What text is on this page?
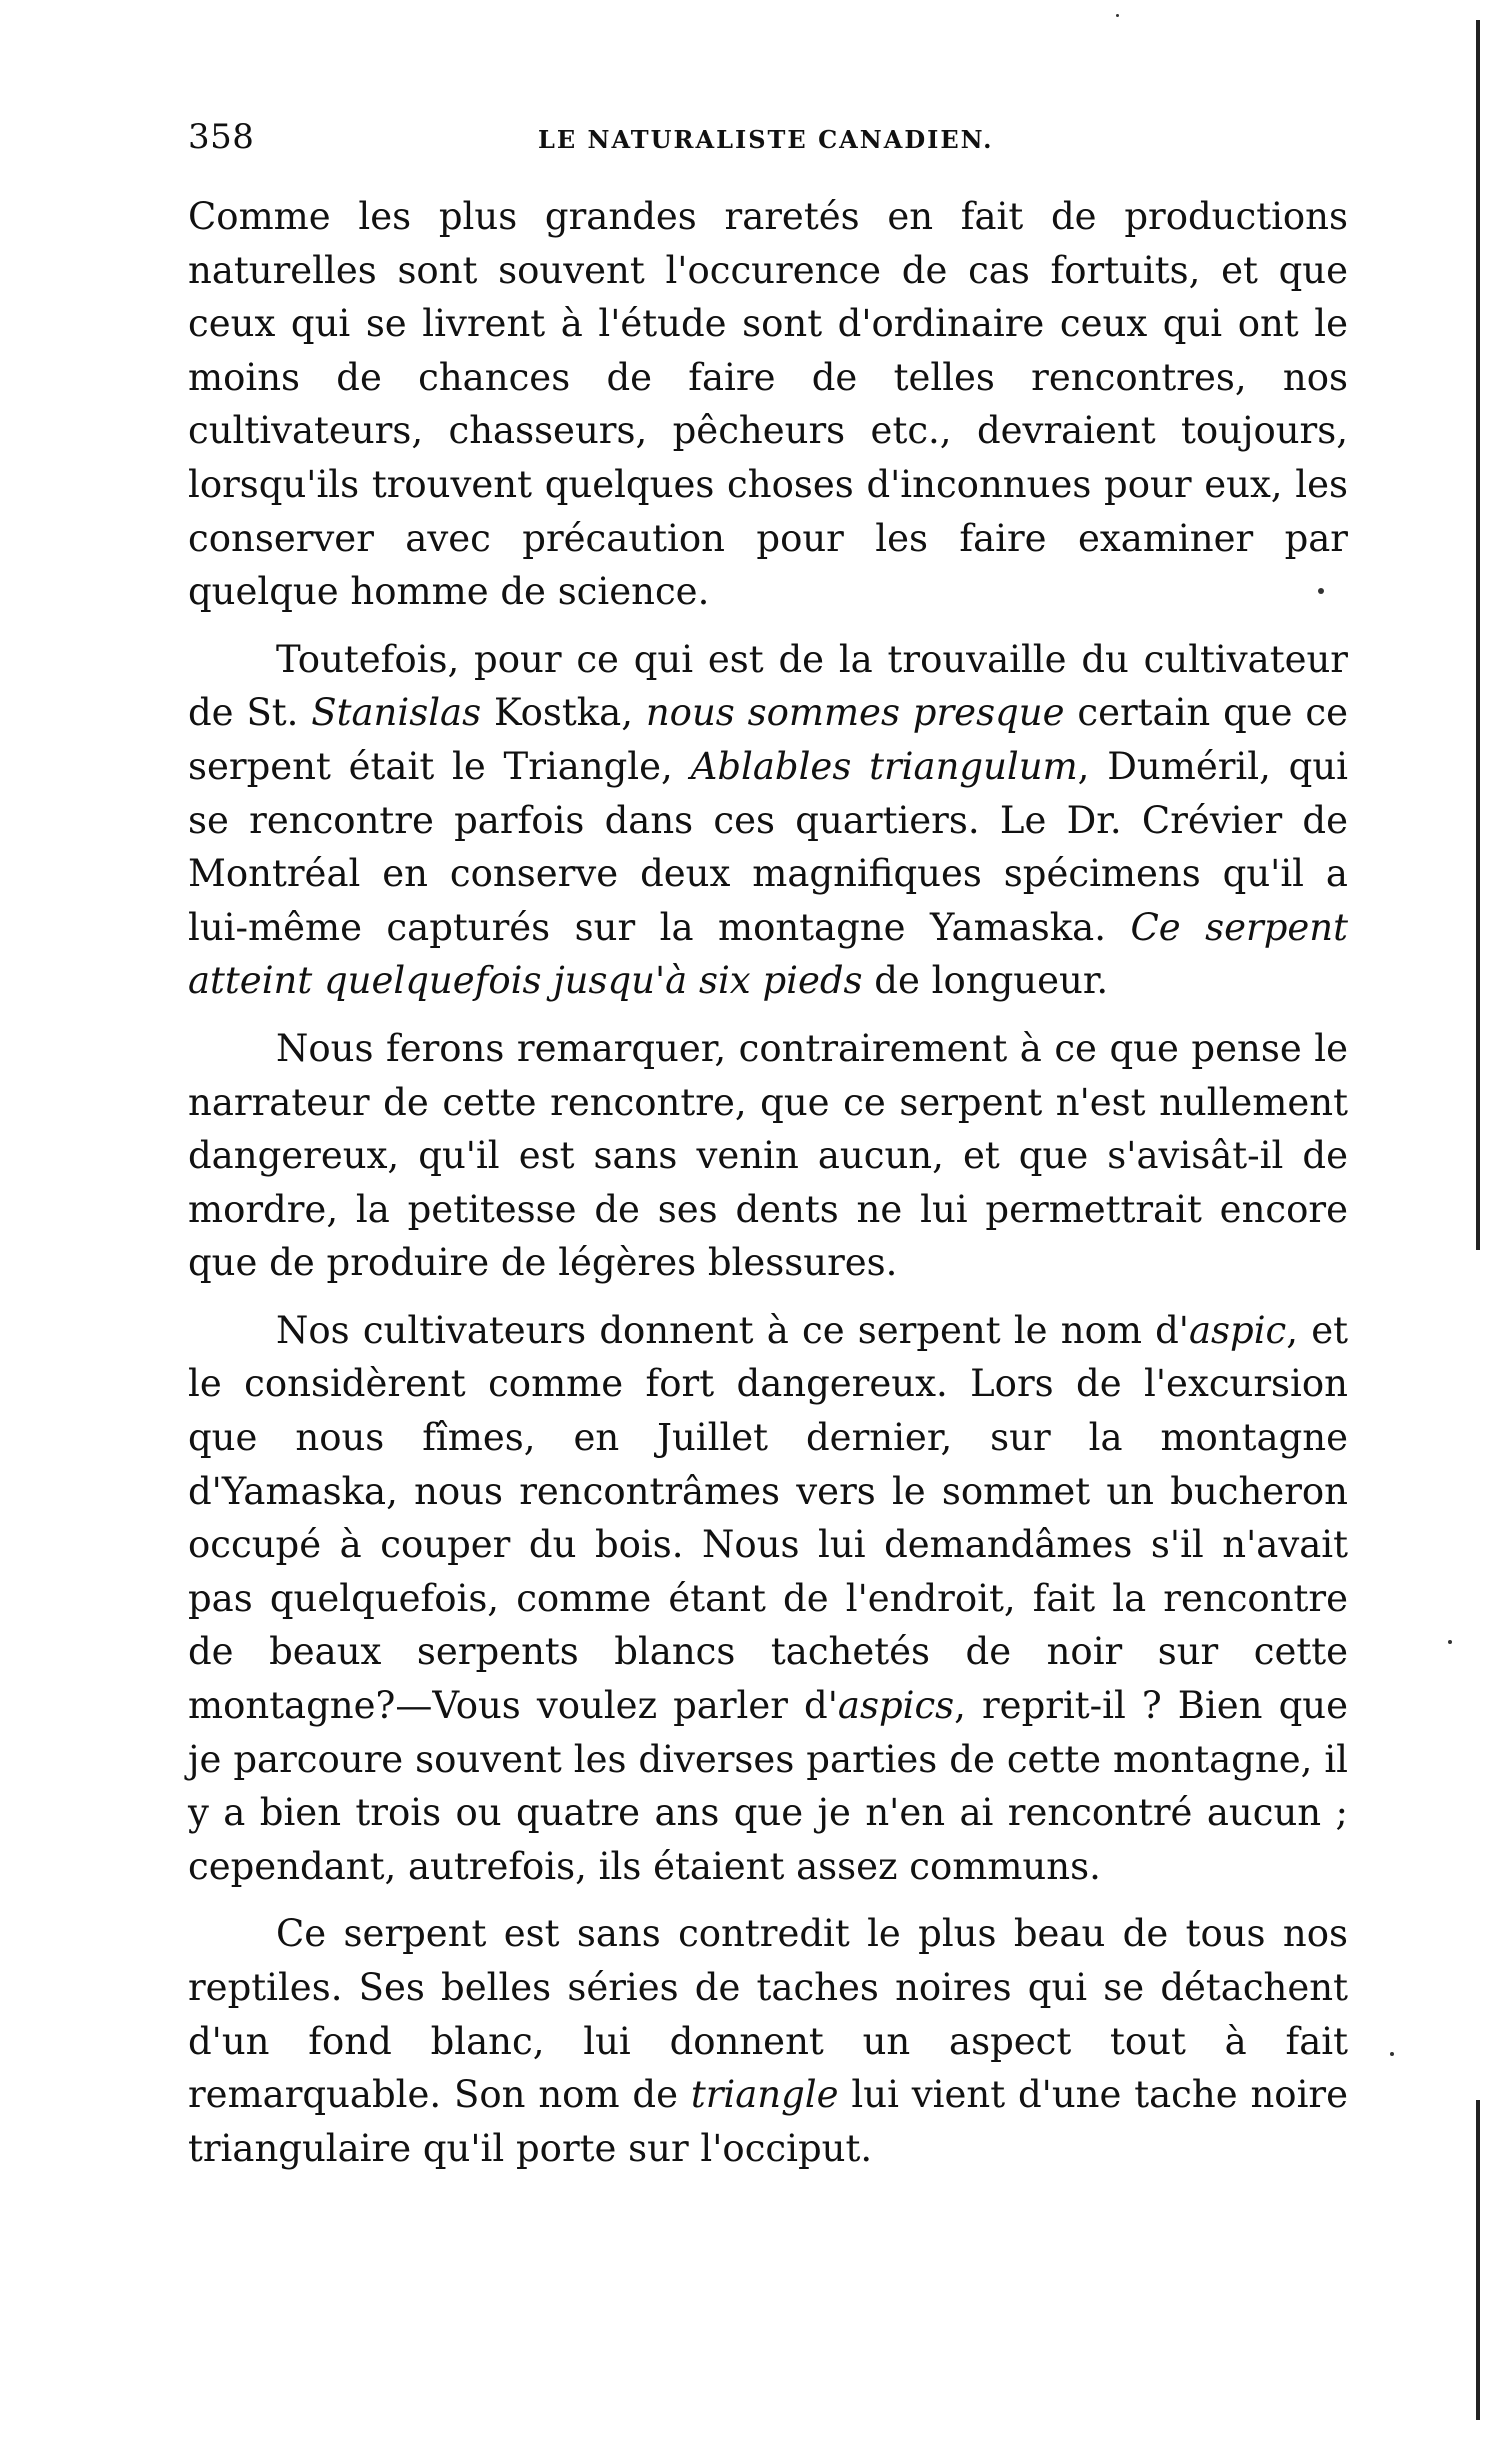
358	LE NATURALISTE CANADIEN.

Comme les plus grandes raretés en fait de productions naturelles sont souvent l'occurence de cas fortuits, et que ceux qui se livrent à l'étude sont d'ordinaire ceux qui ont le moins de chances de faire de telles rencontres, nos cultivateurs, chasseurs, pêcheurs etc., devraient toujours, lorsqu'ils trouvent quelques choses d'inconnues pour eux, les conserver avec précaution pour les faire examiner par quelque homme de science.

Toutefois, pour ce qui est de la trouvaille du cultivateur de St. Stanislas Kostka, nous sommes presque certain que ce serpent était le Triangle, Ablables triangulum, Duméril, qui se rencontre parfois dans ces quartiers. Le Dr. Crévier de Montréal en conserve deux magnifiques spécimens qu'il a lui-même capturés sur la montagne Yamaska. Ce serpent atteint quelquefois jusqu'à six pieds de longueur.

Nous ferons remarquer, contrairement à ce que pense le narrateur de cette rencontre, que ce serpent n'est nullement dangereux, qu'il est sans venin aucun, et que s'avisât-il de mordre, la petitesse de ses dents ne lui permettrait encore que de produire de légères blessures.

Nos cultivateurs donnent à ce serpent le nom d'aspic, et le considèrent comme fort dangereux. Lors de l'excursion que nous fîmes, en Juillet dernier, sur la montagne d'Yamaska, nous rencontrâmes vers le sommet un bucheron occupé à couper du bois. Nous lui demandâmes s'il n'avait pas quelquefois, comme étant de l'endroit, fait la rencontre de beaux serpents blancs tachetés de noir sur cette montagne?—Vous voulez parler d'aspics, reprit-il ? Bien que je parcoure souvent les diverses parties de cette montagne, il y a bien trois ou quatre ans que je n'en ai rencontré aucun ; cependant, autrefois, ils étaient assez communs.

Ce serpent est sans contredit le plus beau de tous nos reptiles. Ses belles séries de taches noires qui se détachent d'un fond blanc, lui donnent un aspect tout à fait remarquable. Son nom de triangle lui vient d'une tache noire triangulaire qu'il porte sur l'occiput.
